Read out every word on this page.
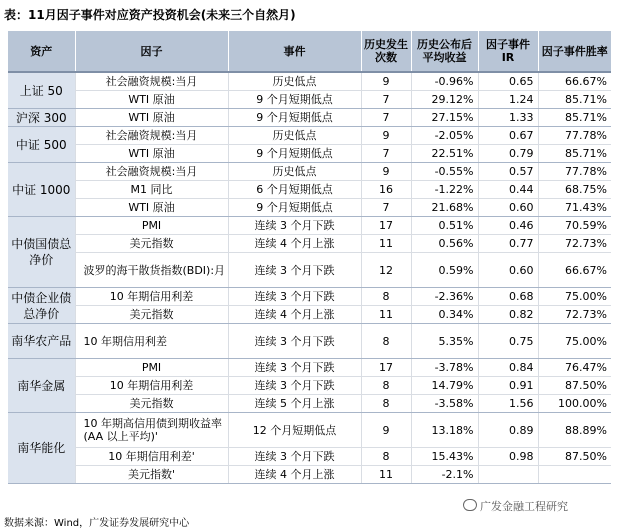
表：11月因子事件对应资产投资机会(未来三个自然月)
资产	因子	事件	历史发生次数	历史公布后平均收益	因子事件IR	因子事件胜率
上证 50	社会融资规模:当月	历史低点	9	-0.96%	0.65	66.67%
	WTI 原油	9 个月短期低点	7	29.12%	1.24	85.71%
沪深 300	WTI 原油	9 个月短期低点	7	27.15%	1.33	85.71%
中证 500	社会融资规模:当月	历史低点	9	-2.05%	0.67	77.78%
	WTI 原油	9 个月短期低点	7	22.51%	0.79	85.71%
中证 1000	社会融资规模:当月	历史低点	9	-0.55%	0.57	77.78%
	M1 同比	6 个月短期低点	16	-1.22%	0.44	68.75%
	WTI 原油	9 个月短期低点	7	21.68%	0.60	71.43%
中债国债总净价	PMI	连续 3 个月下跌	17	0.51%	0.46	70.59%
	美元指数	连续 4 个月上涨	11	0.56%	0.77	72.73%
	波罗的海干散货指数(BDI):月	连续 3 个月下跌	12	0.59%	0.60	66.67%
中债企业债总净价	10 年期信用利差	连续 3 个月下跌	8	-2.36%	0.68	75.00%
	美元指数	连续 4 个月上涨	11	0.34%	0.82	72.73%
南华农产品	10 年期信用利差	连续 3 个月下跌	8	5.35%	0.75	75.00%
南华金属	PMI	连续 3 个月下跌	17	-3.78%	0.84	76.47%
	10 年期信用利差	连续 3 个月下跌	8	14.79%	0.91	87.50%
	美元指数	连续 5 个月上涨	8	-3.58%	1.56	100.00%
南华能化	10 年期高信用债到期收益率(AA 以上平均)'	12 个月短期低点	9	13.18%	0.89	88.89%
	10 年期信用利差'	连续 3 个月下跌	8	15.43%	0.98	87.50%
	美元指数'	连续 4 个月上涨	11	-2.1%		
数据来源：Wind，广发证券发展研究中心
广发金融工程研究
